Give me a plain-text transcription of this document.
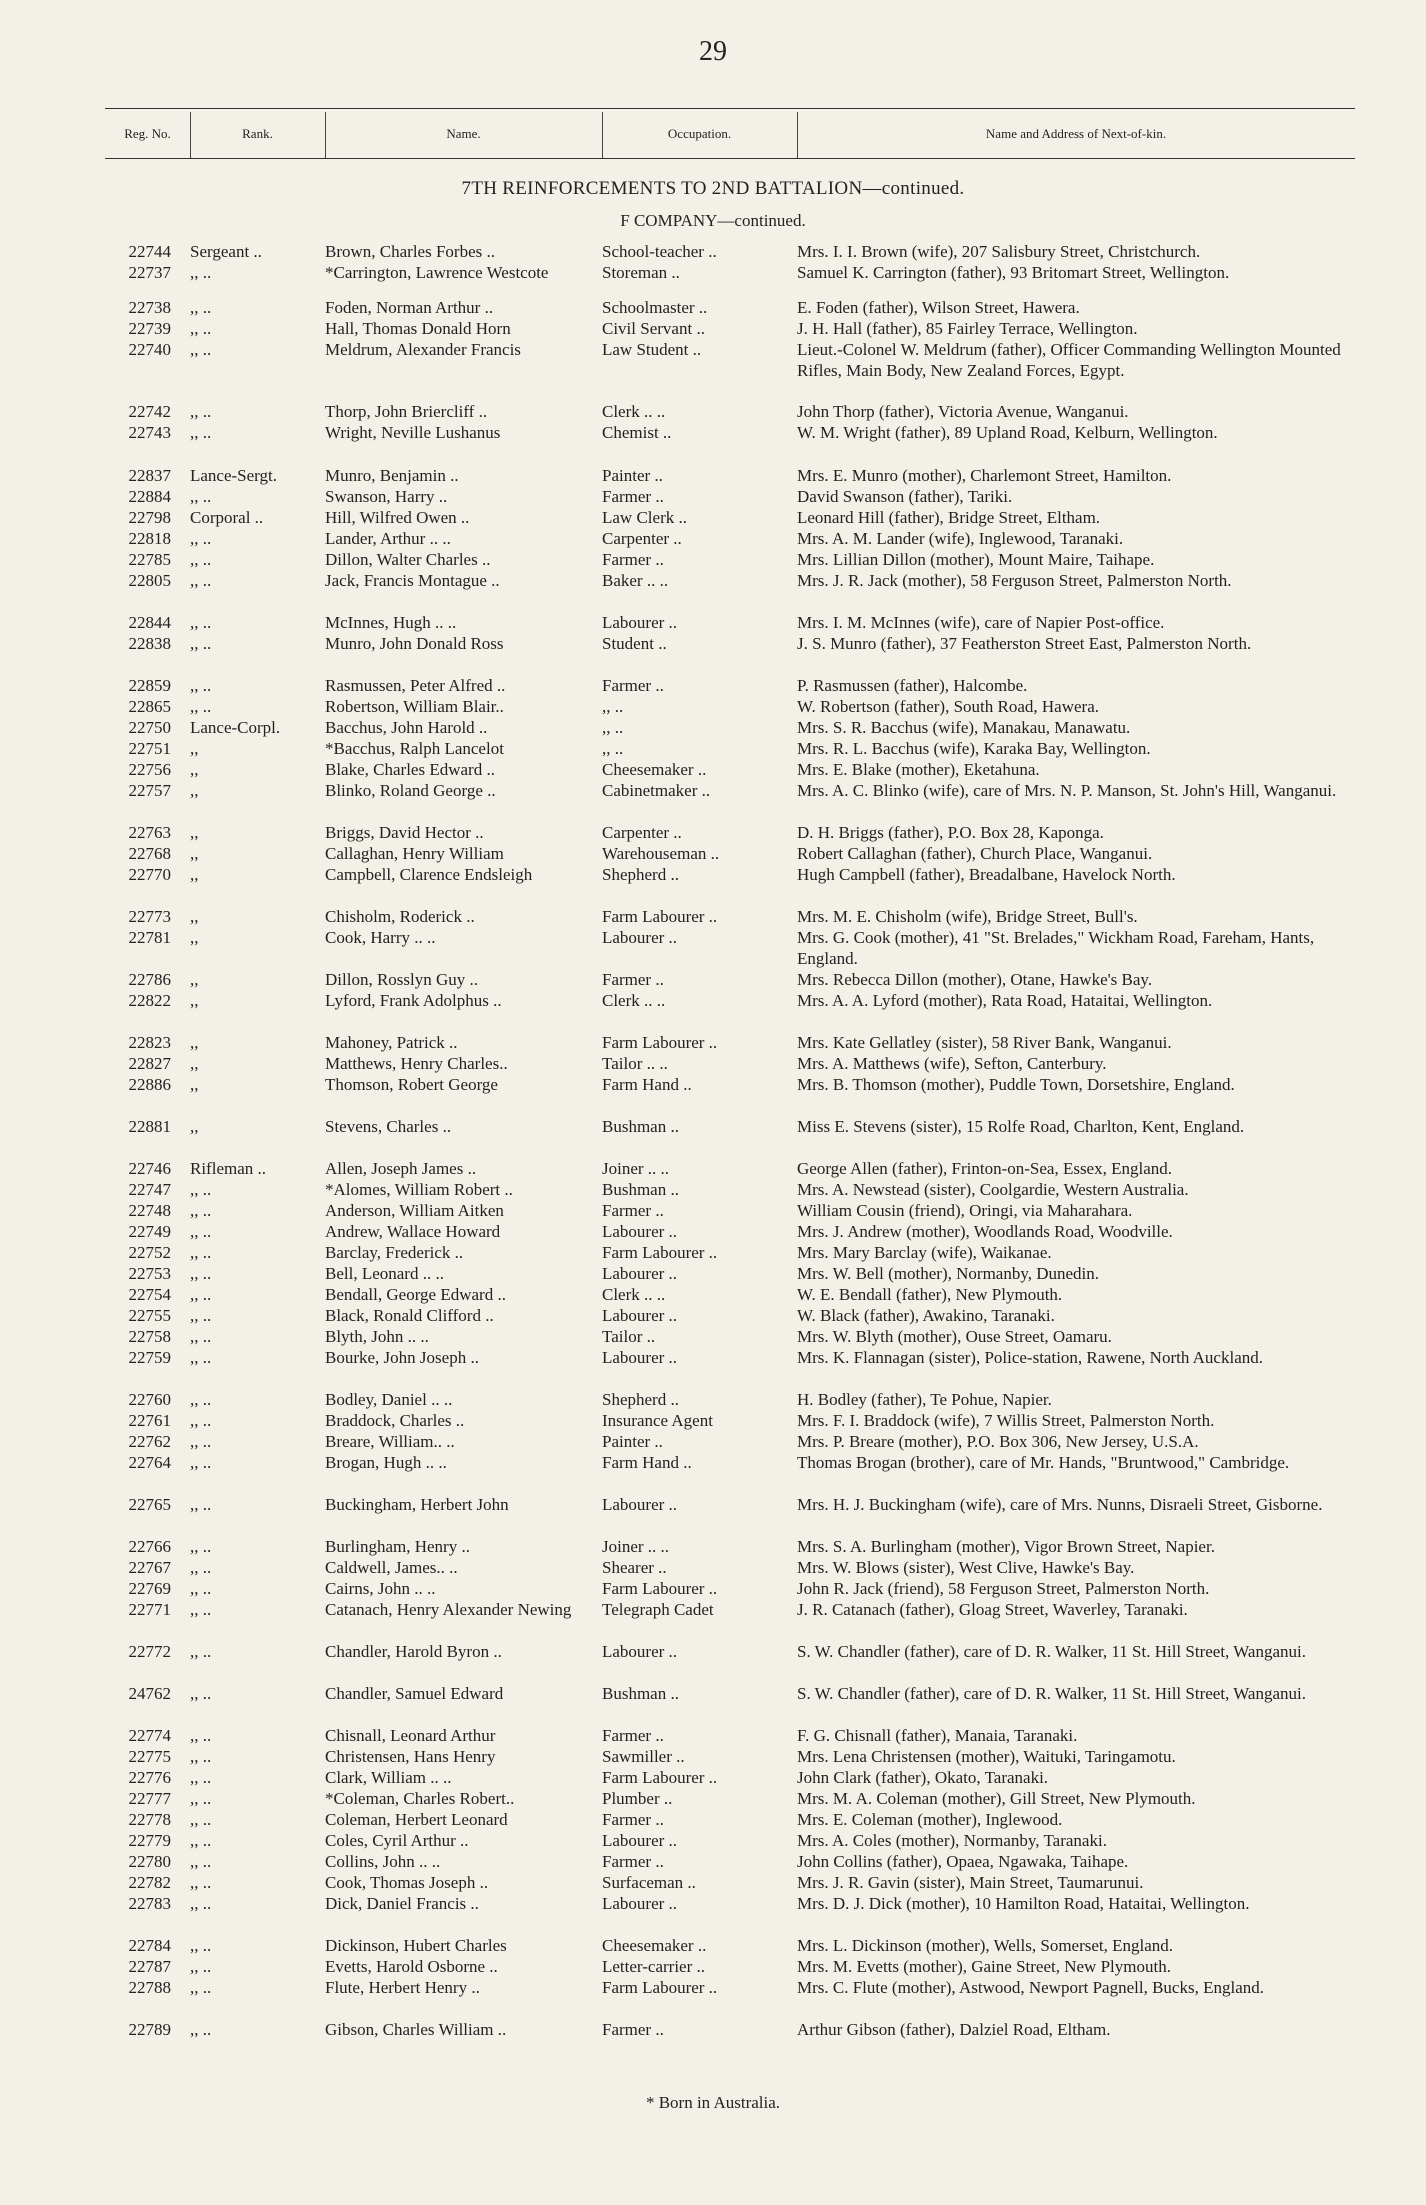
29
Reg. No.	Rank.	Name.	Occupation.	Name and Address of Next-of-kin.
7TH REINFORCEMENTS TO 2ND BATTALION—continued.
F COMPANY—continued.
22744 Sergeant ..	Brown, Charles Forbes ..	School-teacher ..	Mrs. I. I. Brown (wife), 207 Salisbury Street, Christchurch.
22737 ,, ..	*Carrington, Lawrence Westcote	Storeman ..	Samuel K. Carrington (father), 93 Britomart Street, Wellington.
22738 ,, ..	Foden, Norman Arthur ..	Schoolmaster ..	E. Foden (father), Wilson Street, Hawera.
22739 ,, ..	Hall, Thomas Donald Horn	Civil Servant ..	J. H. Hall (father), 85 Fairley Terrace, Wellington.
22740 ,, ..	Meldrum, Alexander Francis	Law Student ..	Lieut.-Colonel W. Meldrum (father), Officer Commanding Wellington Mounted Rifles, Main Body, New Zealand Forces, Egypt.
22742 ,, ..	Thorp, John Briercliff ..	Clerk .. ..	John Thorp (father), Victoria Avenue, Wanganui.
22743 ,, ..	Wright, Neville Lushanus	Chemist ..	W. M. Wright (father), 89 Upland Road, Kelburn, Wellington.
22837 Lance-Sergt.	Munro, Benjamin ..	Painter ..	Mrs. E. Munro (mother), Charlemont Street, Hamilton.
22884 ,, ..	Swanson, Harry ..	Farmer ..	David Swanson (father), Tariki.
22798 Corporal ..	Hill, Wilfred Owen ..	Law Clerk ..	Leonard Hill (father), Bridge Street, Eltham.
22818 ,, ..	Lander, Arthur .. ..	Carpenter ..	Mrs. A. M. Lander (wife), Inglewood, Taranaki.
22785 ,, ..	Dillon, Walter Charles ..	Farmer ..	Mrs. Lillian Dillon (mother), Mount Maire, Taihape.
22805 ,, ..	Jack, Francis Montague ..	Baker .. ..	Mrs. J. R. Jack (mother), 58 Ferguson Street, Palmerston North.
22844 ,, ..	McInnes, Hugh .. ..	Labourer ..	Mrs. I. M. McInnes (wife), care of Napier Post-office.
22838 ,, ..	Munro, John Donald Ross	Student ..	J. S. Munro (father), 37 Featherston Street East, Palmerston North.
22859 ,, ..	Rasmussen, Peter Alfred ..	Farmer ..	P. Rasmussen (father), Halcombe.
22865 ,, ..	Robertson, William Blair..	,, ..	W. Robertson (father), South Road, Hawera.
22750 Lance-Corpl.	Bacchus, John Harold ..	,, ..	Mrs. S. R. Bacchus (wife), Manakau, Manawatu.
22751 ,,	*Bacchus, Ralph Lancelot	,, ..	Mrs. R. L. Bacchus (wife), Karaka Bay, Wellington.
22756 ,,	Blake, Charles Edward ..	Cheesemaker ..	Mrs. E. Blake (mother), Eketahuna.
22757 ,,	Blinko, Roland George ..	Cabinetmaker ..	Mrs. A. C. Blinko (wife), care of Mrs. N. P. Manson, St. John's Hill, Wanganui.
22763 ,,	Briggs, David Hector ..	Carpenter ..	D. H. Briggs (father), P.O. Box 28, Kaponga.
22768 ,,	Callaghan, Henry William	Warehouseman ..	Robert Callaghan (father), Church Place, Wanganui.
22770 ,,	Campbell, Clarence Endsleigh	Shepherd ..	Hugh Campbell (father), Breadalbane, Havelock North.
22773 ,,	Chisholm, Roderick ..	Farm Labourer ..	Mrs. M. E. Chisholm (wife), Bridge Street, Bull's.
22781 ,,	Cook, Harry .. ..	Labourer ..	Mrs. G. Cook (mother), 41 "St. Brelades," Wickham Road, Fareham, Hants, England.
22786 ,,	Dillon, Rosslyn Guy ..	Farmer ..	Mrs. Rebecca Dillon (mother), Otane, Hawke's Bay.
22822 ,,	Lyford, Frank Adolphus ..	Clerk .. ..	Mrs. A. A. Lyford (mother), Rata Road, Hataitai, Wellington.
22823 ,,	Mahoney, Patrick ..	Farm Labourer ..	Mrs. Kate Gellatley (sister), 58 River Bank, Wanganui.
22827 ,,	Matthews, Henry Charles..	Tailor .. ..	Mrs. A. Matthews (wife), Sefton, Canterbury.
22886 ,,	Thomson, Robert George	Farm Hand ..	Mrs. B. Thomson (mother), Puddle Town, Dorsetshire, England.
22881 ,,	Stevens, Charles ..	Bushman ..	Miss E. Stevens (sister), 15 Rolfe Road, Charlton, Kent, England.
22746 Rifleman ..	Allen, Joseph James ..	Joiner .. ..	George Allen (father), Frinton-on-Sea, Essex, England.
22747 ,, ..	*Alomes, William Robert ..	Bushman ..	Mrs. A. Newstead (sister), Coolgardie, Western Australia.
22748 ,, ..	Anderson, William Aitken	Farmer ..	William Cousin (friend), Oringi, via Maharahara.
22749 ,, ..	Andrew, Wallace Howard	Labourer ..	Mrs. J. Andrew (mother), Woodlands Road, Woodville.
22752 ,, ..	Barclay, Frederick ..	Farm Labourer ..	Mrs. Mary Barclay (wife), Waikanae.
22753 ,, ..	Bell, Leonard .. ..	Labourer ..	Mrs. W. Bell (mother), Normanby, Dunedin.
22754 ,, ..	Bendall, George Edward ..	Clerk .. ..	W. E. Bendall (father), New Plymouth.
22755 ,, ..	Black, Ronald Clifford ..	Labourer ..	W. Black (father), Awakino, Taranaki.
22758 ,, ..	Blyth, John .. ..	Tailor ..	Mrs. W. Blyth (mother), Ouse Street, Oamaru.
22759 ,, ..	Bourke, John Joseph ..	Labourer ..	Mrs. K. Flannagan (sister), Police-station, Rawene, North Auckland.
22760 ,, ..	Bodley, Daniel .. ..	Shepherd ..	H. Bodley (father), Te Pohue, Napier.
22761 ,, ..	Braddock, Charles ..	Insurance Agent	Mrs. F. I. Braddock (wife), 7 Willis Street, Palmerston North.
22762 ,, ..	Breare, William.. ..	Painter ..	Mrs. P. Breare (mother), P.O. Box 306, New Jersey, U.S.A.
22764 ,, ..	Brogan, Hugh .. ..	Farm Hand ..	Thomas Brogan (brother), care of Mr. Hands, "Bruntwood," Cambridge.
22765 ,, ..	Buckingham, Herbert John	Labourer ..	Mrs. H. J. Buckingham (wife), care of Mrs. Nunns, Disraeli Street, Gisborne.
22766 ,, ..	Burlingham, Henry ..	Joiner .. ..	Mrs. S. A. Burlingham (mother), Vigor Brown Street, Napier.
22767 ,, ..	Caldwell, James.. ..	Shearer ..	Mrs. W. Blows (sister), West Clive, Hawke's Bay.
22769 ,, ..	Cairns, John .. ..	Farm Labourer ..	John R. Jack (friend), 58 Ferguson Street, Palmerston North.
22771 ,, ..	Catanach, Henry Alexander Newing	Telegraph Cadet	J. R. Catanach (father), Gloag Street, Waverley, Taranaki.
22772 ,, ..	Chandler, Harold Byron ..	Labourer ..	S. W. Chandler (father), care of D. R. Walker, 11 St. Hill Street, Wanganui.
24762 ,, ..	Chandler, Samuel Edward	Bushman ..	S. W. Chandler (father), care of D. R. Walker, 11 St. Hill Street, Wanganui.
22774 ,, ..	Chisnall, Leonard Arthur	Farmer ..	F. G. Chisnall (father), Manaia, Taranaki.
22775 ,, ..	Christensen, Hans Henry	Sawmiller ..	Mrs. Lena Christensen (mother), Waituki, Taringamotu.
22776 ,, ..	Clark, William .. ..	Farm Labourer ..	John Clark (father), Okato, Taranaki.
22777 ,, ..	*Coleman, Charles Robert..	Plumber ..	Mrs. M. A. Coleman (mother), Gill Street, New Plymouth.
22778 ,, ..	Coleman, Herbert Leonard	Farmer ..	Mrs. E. Coleman (mother), Inglewood.
22779 ,, ..	Coles, Cyril Arthur ..	Labourer ..	Mrs. A. Coles (mother), Normanby, Taranaki.
22780 ,, ..	Collins, John .. ..	Farmer ..	John Collins (father), Opaea, Ngawaka, Taihape.
22782 ,, ..	Cook, Thomas Joseph ..	Surfaceman ..	Mrs. J. R. Gavin (sister), Main Street, Taumarunui.
22783 ,, ..	Dick, Daniel Francis ..	Labourer ..	Mrs. D. J. Dick (mother), 10 Hamilton Road, Hataitai, Wellington.
22784 ,, ..	Dickinson, Hubert Charles	Cheesemaker ..	Mrs. L. Dickinson (mother), Wells, Somerset, England.
22787 ,, ..	Evetts, Harold Osborne ..	Letter-carrier ..	Mrs. M. Evetts (mother), Gaine Street, New Plymouth.
22788 ,, ..	Flute, Herbert Henry ..	Farm Labourer ..	Mrs. C. Flute (mother), Astwood, Newport Pagnell, Bucks, England.
22789 ,, ..	Gibson, Charles William ..	Farmer ..	Arthur Gibson (father), Dalziel Road, Eltham.
* Born in Australia.
